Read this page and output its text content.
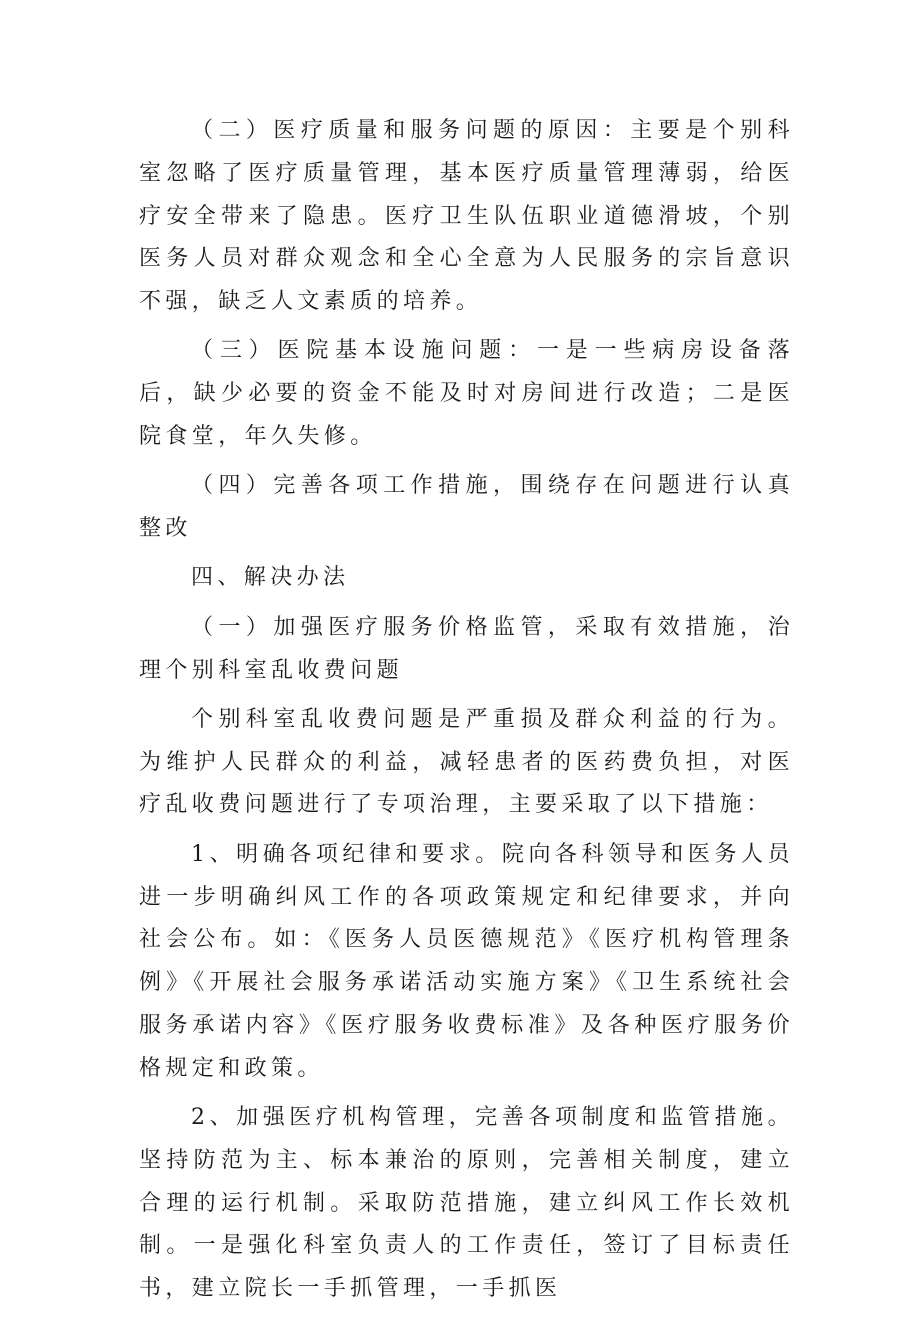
（二）医疗质量和服务问题的原因：主要是个别科室忽略了医疗质量管理，基本医疗质量管理薄弱，给医疗安全带来了隐患。医疗卫生队伍职业道德滑坡，个别医务人员对群众观念和全心全意为人民服务的宗旨意识不强，缺乏人文素质的培养。

（三）医院基本设施问题：一是一些病房设备落后，缺少必要的资金不能及时对房间进行改造；二是医院食堂，年久失修。

（四）完善各项工作措施，围绕存在问题进行认真整改

四、解决办法

（一）加强医疗服务价格监管，采取有效措施，治理个别科室乱收费问题

个别科室乱收费问题是严重损及群众利益的行为。为维护人民群众的利益，减轻患者的医药费负担，对医疗乱收费问题进行了专项治理，主要采取了以下措施：

1、明确各项纪律和要求。院向各科领导和医务人员进一步明确纠风工作的各项政策规定和纪律要求，并向社会公布。如：《医务人员医德规范》《医疗机构管理条例》《开展社会服务承诺活动实施方案》《卫生系统社会服务承诺内容》《医疗服务收费标准》及各种医疗服务价格规定和政策。

2、加强医疗机构管理，完善各项制度和监管措施。坚持防范为主、标本兼治的原则，完善相关制度，建立合理的运行机制。采取防范措施，建立纠风工作长效机制。一是强化科室负责人的工作责任，签订了目标责任书，建立院长一手抓管理，一手抓医
